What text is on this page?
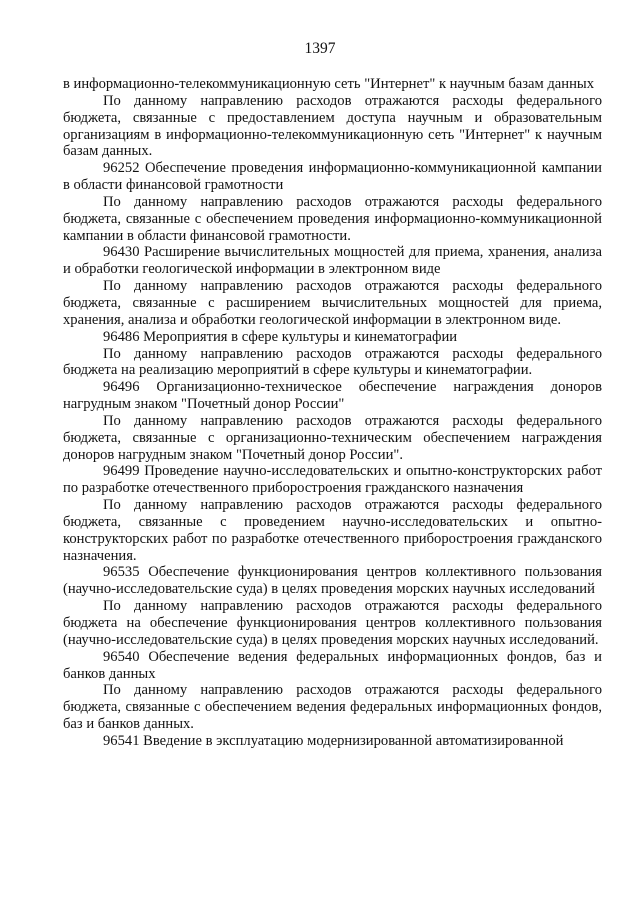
1397

в информационно-телекоммуникационную сеть "Интернет" к научным базам данных

По данному направлению расходов отражаются расходы федерального бюджета, связанные с предоставлением доступа научным и образовательным организациям в информационно-телекоммуникационную сеть "Интернет" к научным базам данных.

96252 Обеспечение проведения информационно-коммуникационной кампании в области финансовой грамотности

По данному направлению расходов отражаются расходы федерального бюджета, связанные с обеспечением проведения информационно-коммуникационной кампании в области финансовой грамотности.

96430 Расширение вычислительных мощностей для приема, хранения, анализа и обработки геологической информации в электронном виде

По данному направлению расходов отражаются расходы федерального бюджета, связанные с расширением вычислительных мощностей для приема, хранения, анализа и обработки геологической информации в электронном виде.

96486 Мероприятия в сфере культуры и кинематографии

По данному направлению расходов отражаются расходы федерального бюджета на реализацию мероприятий в сфере культуры и кинематографии.

96496 Организационно-техническое обеспечение награждения доноров нагрудным знаком "Почетный донор России"

По данному направлению расходов отражаются расходы федерального бюджета, связанные с организационно-техническим обеспечением награждения доноров нагрудным знаком "Почетный донор России".

96499 Проведение научно-исследовательских и опытно-конструкторских работ по разработке отечественного приборостроения гражданского назначения

По данному направлению расходов отражаются расходы федерального бюджета, связанные с проведением научно-исследовательских и опытно-конструкторских работ по разработке отечественного приборостроения гражданского назначения.

96535 Обеспечение функционирования центров коллективного пользования (научно-исследовательские суда) в целях проведения морских научных исследований

По данному направлению расходов отражаются расходы федерального бюджета на обеспечение функционирования центров коллективного пользования (научно-исследовательские суда) в целях проведения морских научных исследований.

96540 Обеспечение ведения федеральных информационных фондов, баз и банков данных

По данному направлению расходов отражаются расходы федерального бюджета, связанные с обеспечением ведения федеральных информационных фондов, баз и банков данных.

96541 Введение в эксплуатацию модернизированной автоматизированной
